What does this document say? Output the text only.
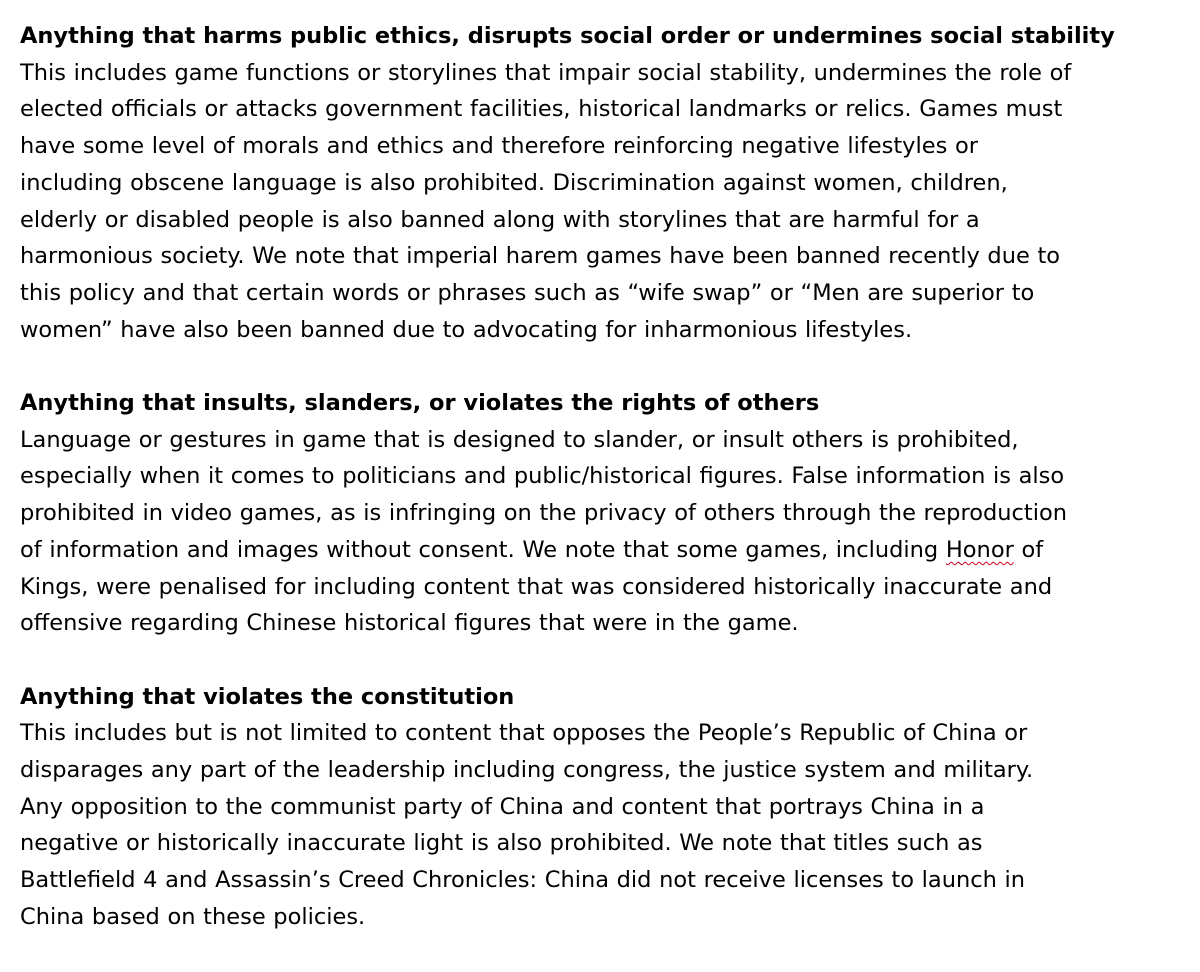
Anything that harms public ethics, disrupts social order or undermines social stability
This includes game functions or storylines that impair social stability, undermines the role of
elected officials or attacks government facilities, historical landmarks or relics. Games must
have some level of morals and ethics and therefore reinforcing negative lifestyles or
including obscene language is also prohibited. Discrimination against women, children,
elderly or disabled people is also banned along with storylines that are harmful for a
harmonious society. We note that imperial harem games have been banned recently due to
this policy and that certain words or phrases such as “wife swap” or “Men are superior to
women” have also been banned due to advocating for inharmonious lifestyles.
Anything that insults, slanders, or violates the rights of others
Language or gestures in game that is designed to slander, or insult others is prohibited,
especially when it comes to politicians and public/historical figures. False information is also
prohibited in video games, as is infringing on the privacy of others through the reproduction
of information and images without consent. We note that some games, including Honor of
Kings, were penalised for including content that was considered historically inaccurate and
offensive regarding Chinese historical figures that were in the game.
Anything that violates the constitution
This includes but is not limited to content that opposes the People’s Republic of China or
disparages any part of the leadership including congress, the justice system and military.
Any opposition to the communist party of China and content that portrays China in a
negative or historically inaccurate light is also prohibited. We note that titles such as
Battlefield 4 and Assassin’s Creed Chronicles: China did not receive licenses to launch in
China based on these policies.
